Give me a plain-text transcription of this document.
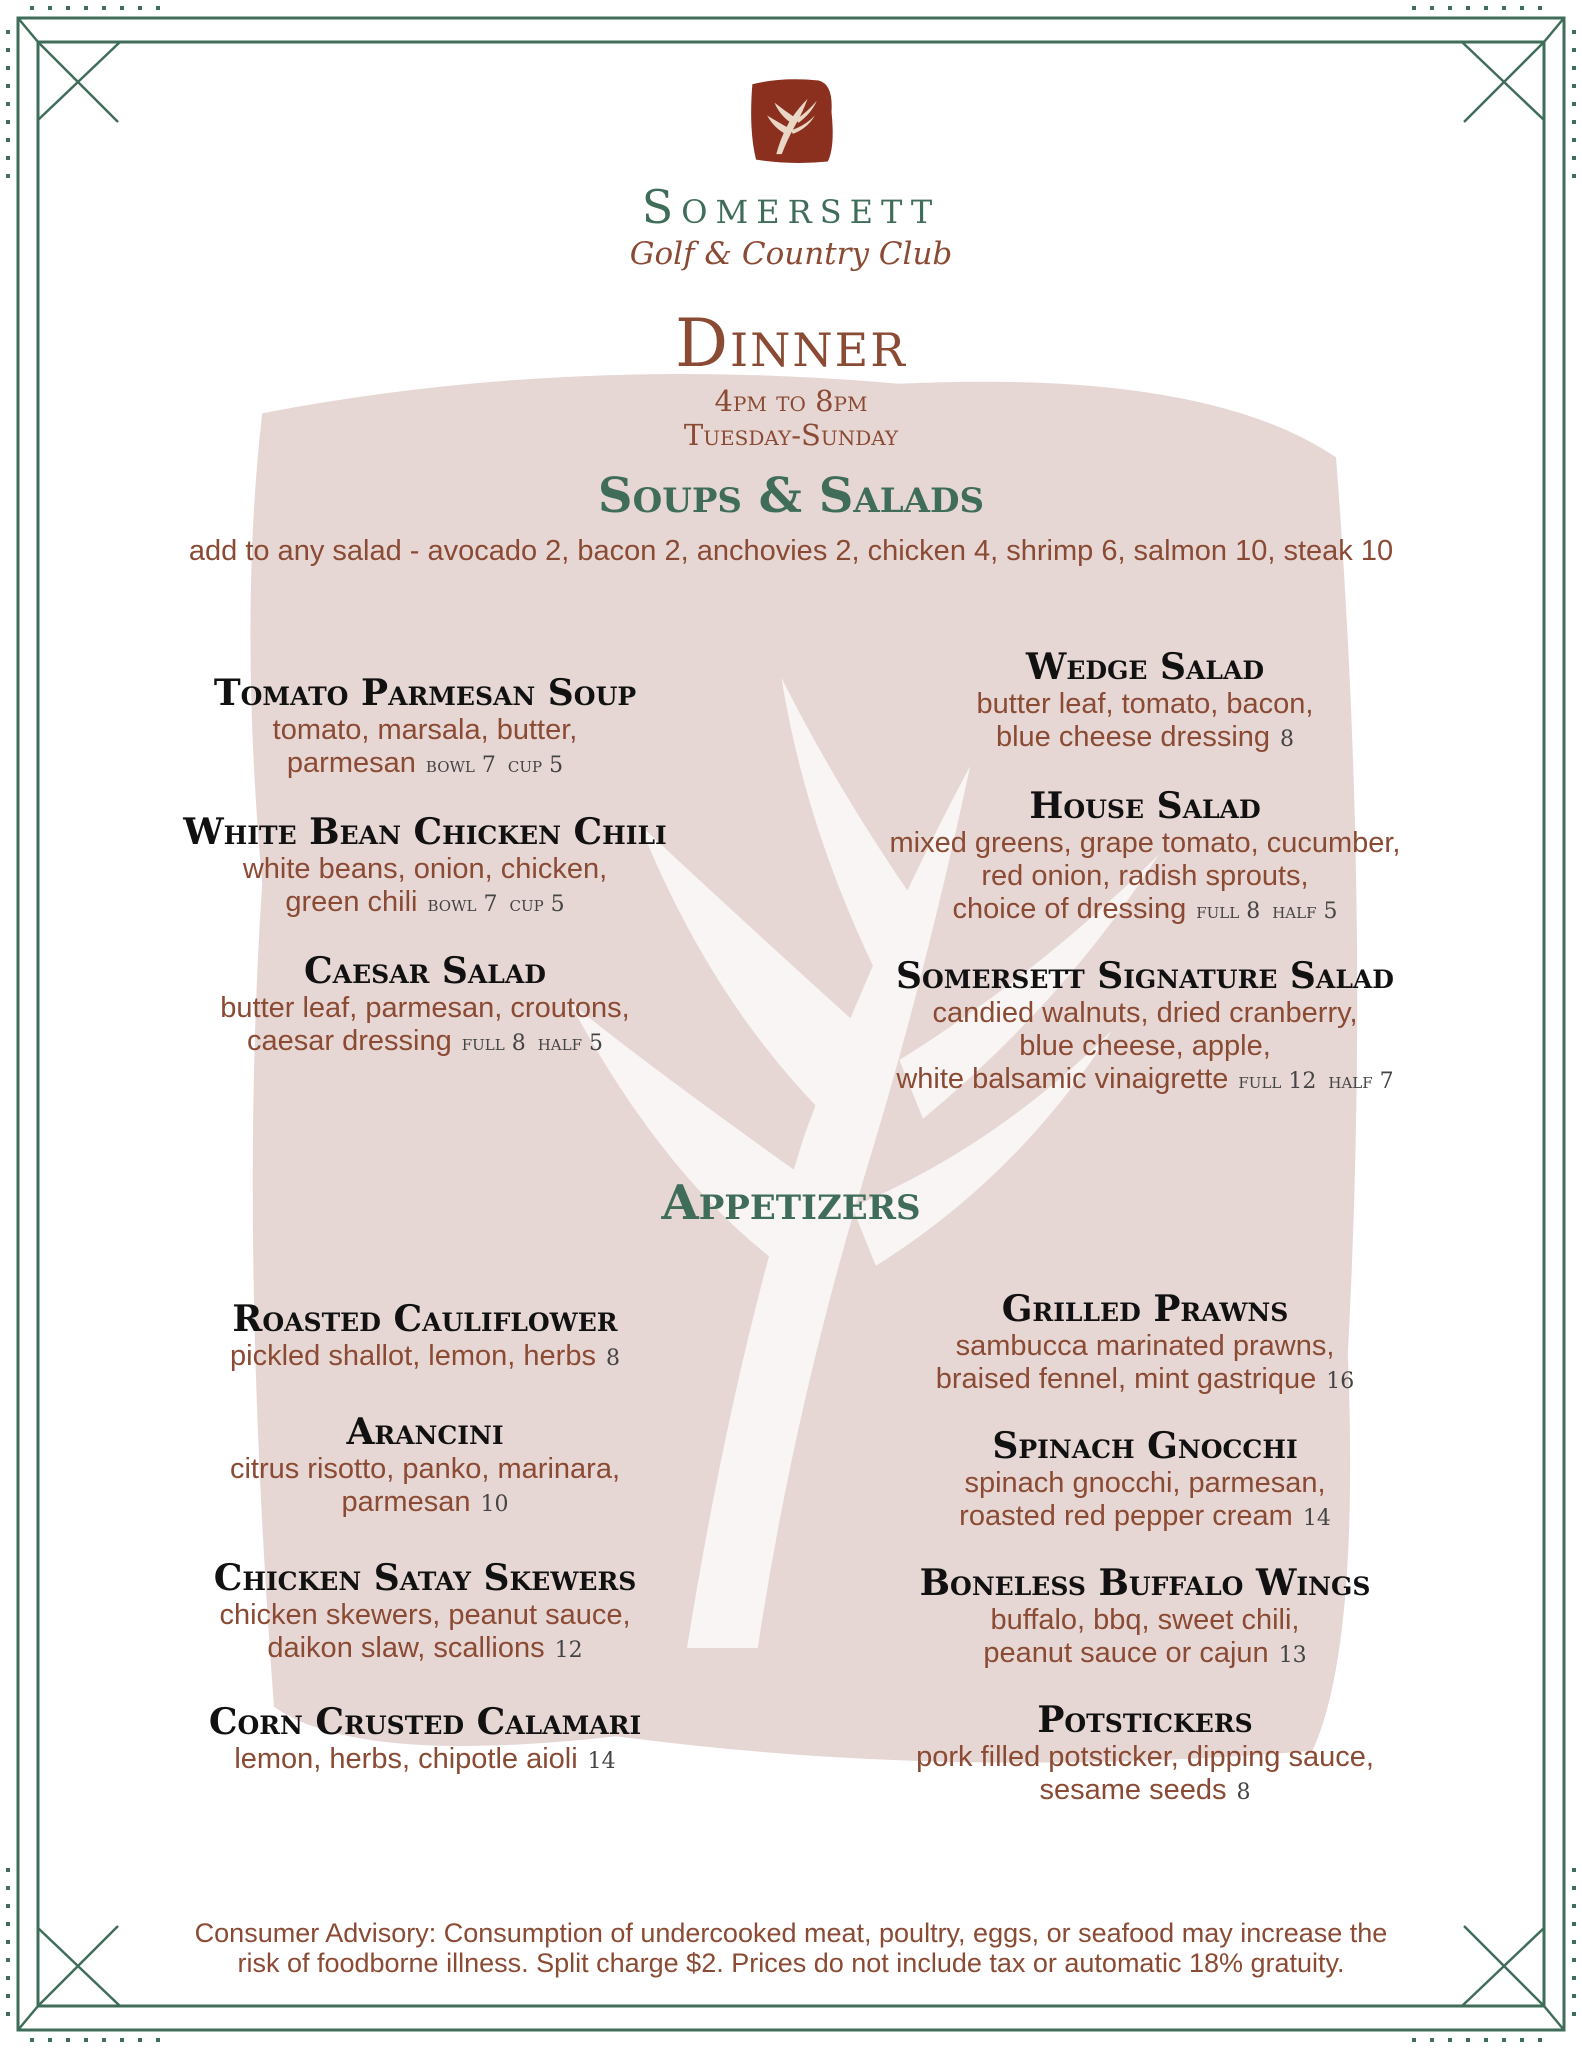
Somersett
Golf & Country Club
Dinner
4pm to 8pm
Tuesday-Sunday
Soups & Salads
add to any salad - avocado 2, bacon 2, anchovies 2, chicken 4, shrimp 6, salmon 10, steak 10
Tomato Parmesan Soup
tomato, marsala, butter,
parmesan bowl 7 cup 5
White Bean Chicken Chili
white beans, onion, chicken,
green chili bowl 7 cup 5
Caesar Salad
butter leaf, parmesan, croutons,
caesar dressing full 8 half 5
Wedge Salad
butter leaf, tomato, bacon,
blue cheese dressing 8
House Salad
mixed greens, grape tomato, cucumber,
red onion, radish sprouts,
choice of dressing full 8 half 5
Somersett Signature Salad
candied walnuts, dried cranberry,
blue cheese, apple,
white balsamic vinaigrette full 12 half 7
Appetizers
Roasted Cauliflower
pickled shallot, lemon, herbs 8
Arancini
citrus risotto, panko, marinara,
parmesan 10
Chicken Satay Skewers
chicken skewers, peanut sauce,
daikon slaw, scallions 12
Corn Crusted Calamari
lemon, herbs, chipotle aioli 14
Grilled Prawns
sambucca marinated prawns,
braised fennel, mint gastrique 16
Spinach Gnocchi
spinach gnocchi, parmesan,
roasted red pepper cream 14
Boneless Buffalo Wings
buffalo, bbq, sweet chili,
peanut sauce or cajun 13
Potstickers
pork filled potsticker, dipping sauce,
sesame seeds 8
Consumer Advisory: Consumption of undercooked meat, poultry, eggs, or seafood may increase the
risk of foodborne illness. Split charge $2. Prices do not include tax or automatic 18% gratuity.
